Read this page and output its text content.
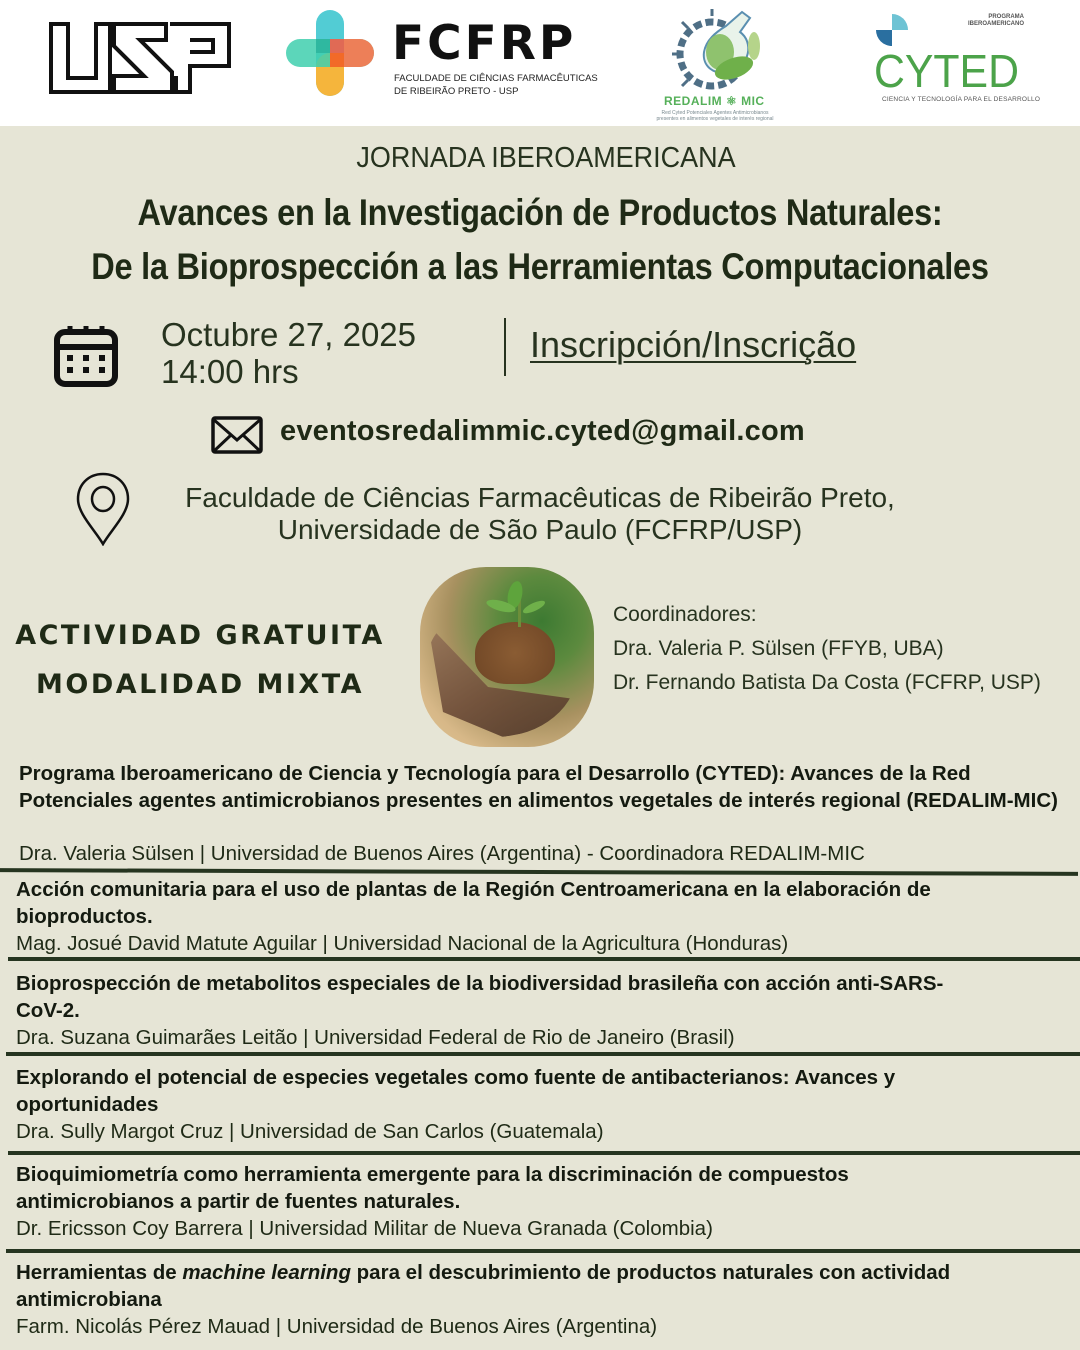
FCFRP
FACULDADE DE CIÊNCIAS FARMACÊUTICAS
DE RIBEIRÃO PRETO - USP
REDALIM ⚛ MIC
Red Cyted Potenciales Agentes Antimicrobianos presentes en alimentos vegetales de interés regional
PROGRAMA
IBEROAMERICANO
CYTED
CIENCIA Y TECNOLOGÍA PARA EL DESARROLLO
JORNADA IBEROAMERICANA
Avances en la Investigación de Productos Naturales:
De la Bioprospección a las Herramientas Computacionales
Octubre 27, 2025
14:00 hrs
Inscripción/Inscrição
eventosredalimmic.cyted@gmail.com
Faculdade de Ciências Farmacêuticas de Ribeirão Preto,
Universidade de São Paulo (FCFRP/USP)
ACTIVIDAD GRATUITA
MODALIDAD MIXTA
Coordinadores:
Dra. Valeria P. Sülsen (FFYB, UBA)
Dr. Fernando Batista Da Costa (FCFRP, USP)
Programa Iberoamericano de Ciencia y Tecnología para el Desarrollo (CYTED): Avances de la Red Potenciales agentes antimicrobianos presentes en alimentos vegetales de interés regional (REDALIM-MIC)
Dra. Valeria Sülsen | Universidad de Buenos Aires (Argentina) - Coordinadora REDALIM-MIC
Acción comunitaria para el uso de plantas de la Región Centroamericana en la elaboración de bioproductos.
Mag. Josué David Matute Aguilar | Universidad Nacional de la Agricultura (Honduras)
Bioprospección de metabolitos especiales de la biodiversidad brasileña con acción anti-SARS-CoV-2.
Dra. Suzana Guimarães Leitão | Universidad Federal de Rio de Janeiro (Brasil)
Explorando el potencial de especies vegetales como fuente de antibacterianos: Avances y oportunidades
Dra. Sully Margot Cruz | Universidad de San Carlos (Guatemala)
Bioquimiometría como herramienta emergente para la discriminación de compuestos antimicrobianos a partir de fuentes naturales.
Dr. Ericsson Coy Barrera | Universidad Militar de Nueva Granada (Colombia)
Herramientas de machine learning para el descubrimiento de productos naturales con actividad antimicrobiana
Farm. Nicolás Pérez Mauad | Universidad de Buenos Aires (Argentina)
